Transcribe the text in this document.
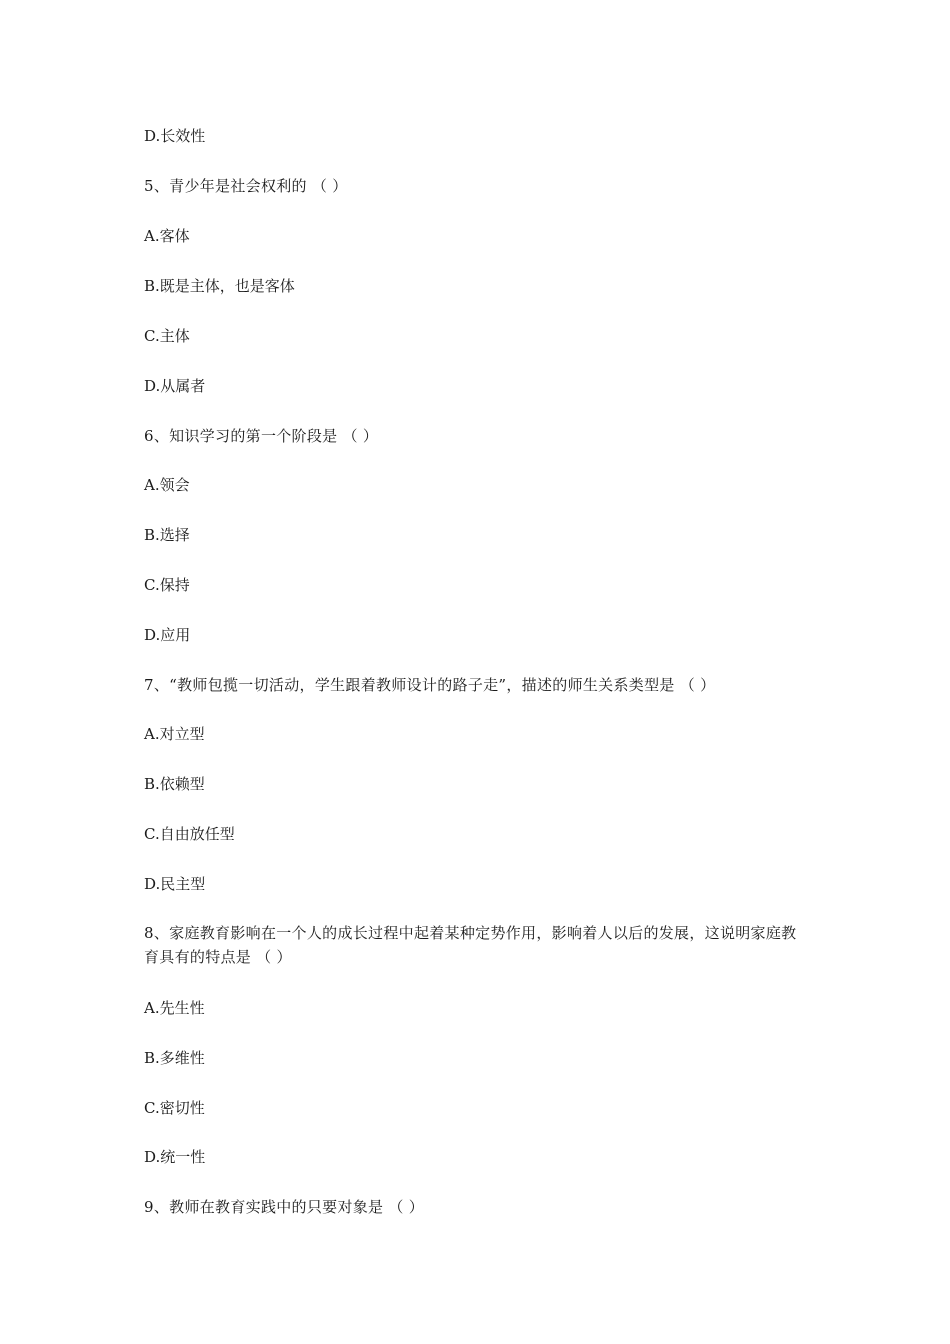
D.长效性
5、青少年是社会权利的 （ ）
A.客体
B.既是主体，也是客体
C.主体
D.从属者
6、知识学习的第一个阶段是 （ ）
A.领会
B.选择
C.保持
D.应用
7、“教师包揽一切活动，学生跟着教师设计的路子走”，描述的师生关系类型是 （ ）
A.对立型
B.依赖型
C.自由放任型
D.民主型
8、家庭教育影响在一个人的成长过程中起着某种定势作用，影响着人以后的发展，这说明家庭教育具有的特点是 （ ）
A.先生性
B.多维性
C.密切性
D.统一性
9、教师在教育实践中的只要对象是 （ ）
